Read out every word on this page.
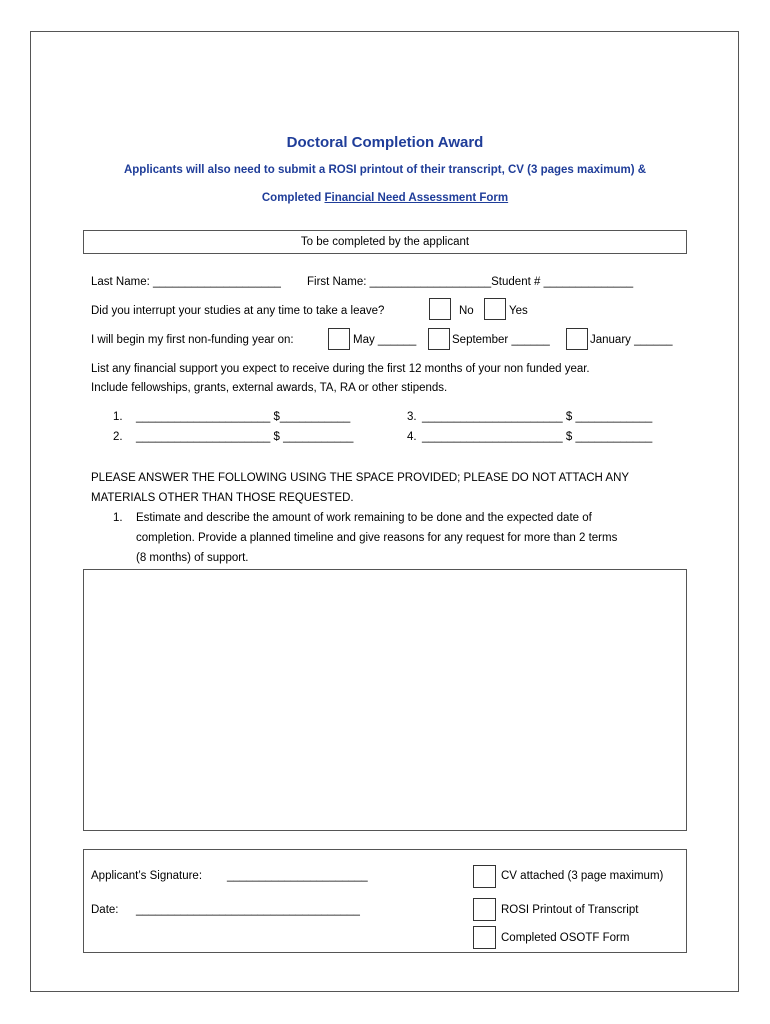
Doctoral Completion Award
Applicants will also need to submit a ROSI printout of their transcript, CV (3 pages maximum) &
Completed Financial Need Assessment Form
To be completed by the applicant
Last Name: ____________________ First Name: ___________________Student # ______________
Did you interrupt your studies at any time to take a leave?	No	Yes
I will begin my first non-funding year on:	May ______	September ______	January ______
List any financial support you expect to receive during the first 12 months of your non funded year.
Include fellowships, grants, external awards, TA, RA or other stipends.
1. _____________________ $___________
2. _____________________ $ ___________
3. ______________________ $ ____________
4. ______________________ $ ____________
PLEASE ANSWER THE FOLLOWING USING THE SPACE PROVIDED; PLEASE DO NOT ATTACH ANY
MATERIALS OTHER THAN THOSE REQUESTED.
1. Estimate and describe the amount of work remaining to be done and the expected date of
completion. Provide a planned timeline and give reasons for any request for more than 2 terms
(8 months) of support.
Applicant’s Signature: ______________________
Date: ___________________________________
CV attached (3 page maximum)
ROSI Printout of Transcript
Completed OSOTF Form
